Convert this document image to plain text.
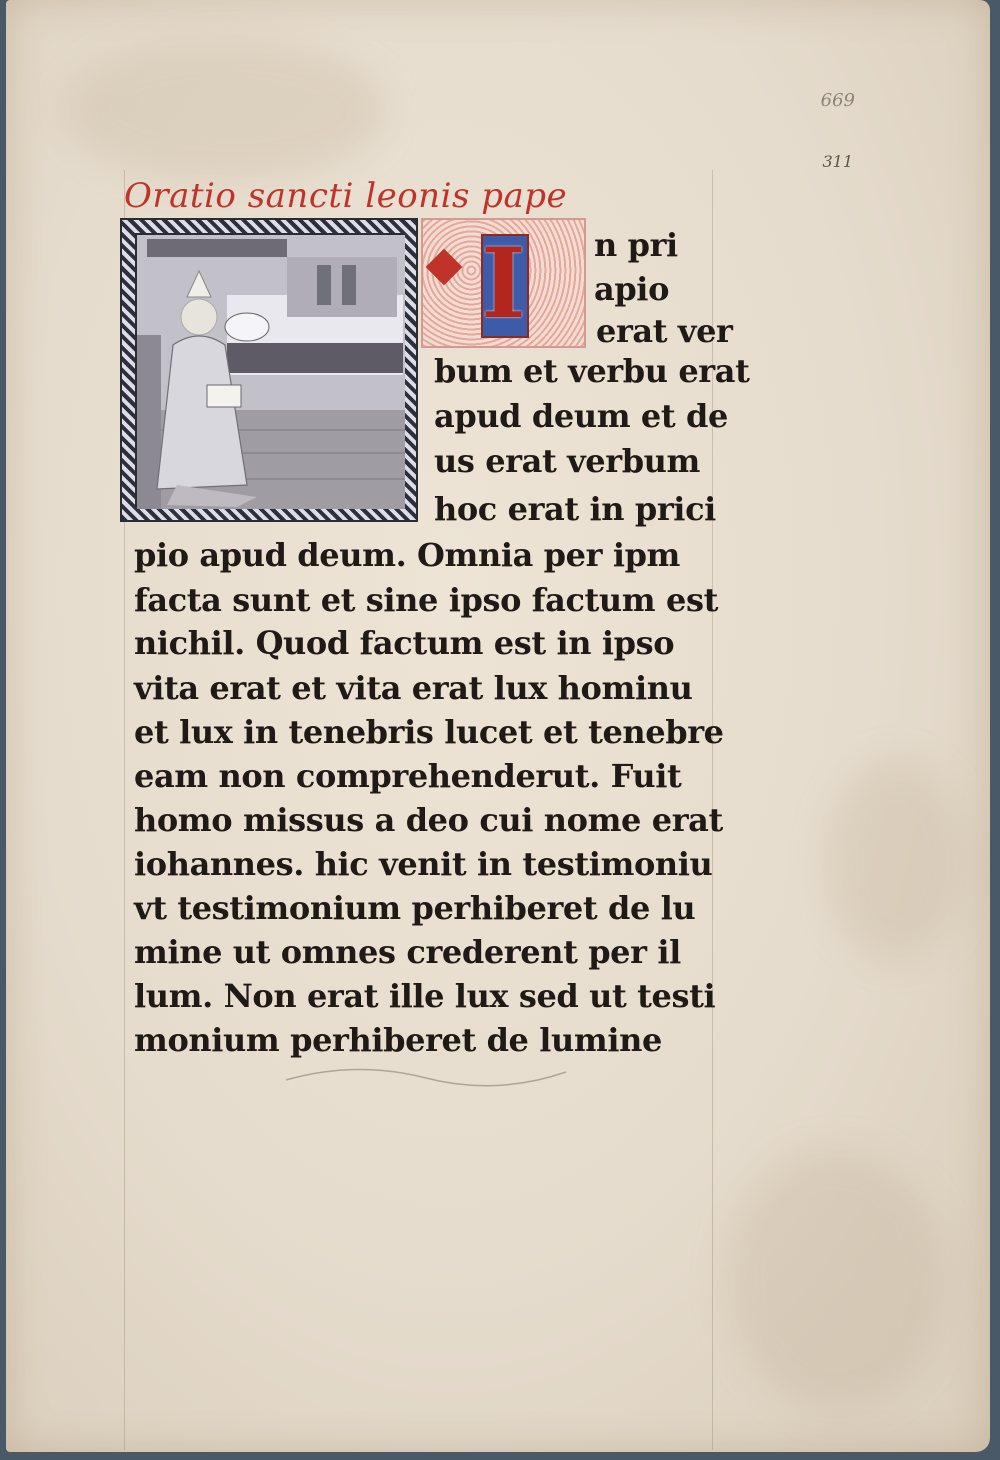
669
311
Oratio sancti leonis pape
I	n pri
apio
erat ver
bum et verbu erat
apud deum et de
us erat verbum
hoc erat in prici
pio apud deum. Omnia per ipm
facta sunt et sine ipso factum est
nichil. Quod factum est in ipso
vita erat et vita erat lux hominu
et lux in tenebris lucet et tenebre
eam non comprehenderut. Fuit
homo missus a deo cui nome erat
iohannes. hic venit in testimoniu
vt testimonium perhiberet de lu
mine ut omnes crederent per il
lum. Non erat ille lux sed ut testi
monium perhiberet de lumine
